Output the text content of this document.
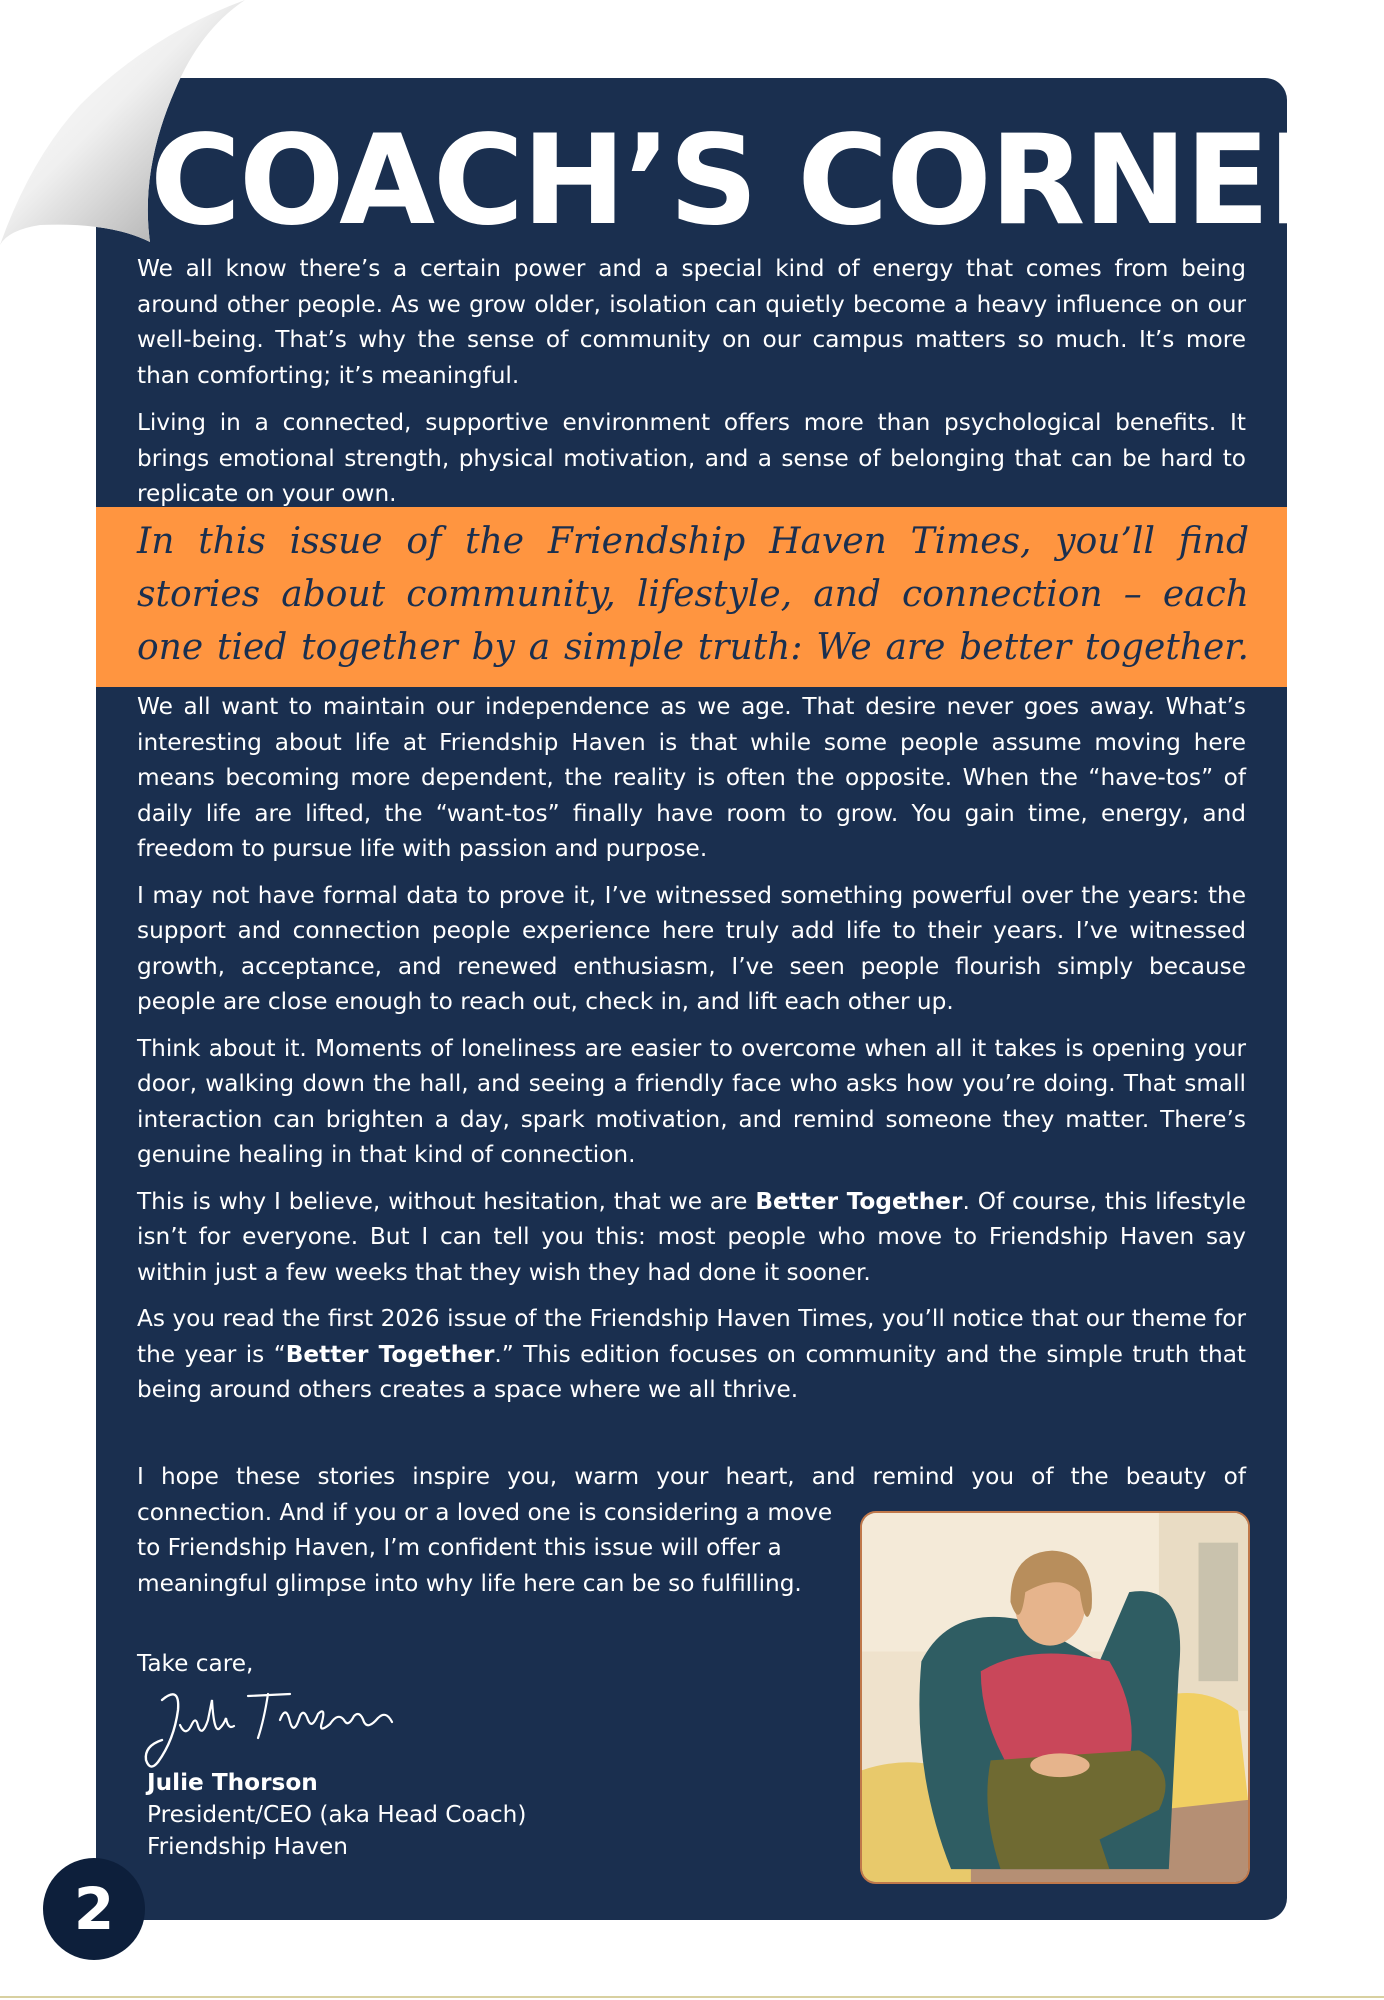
COACH’S CORNER

We all know there’s a certain power and a special kind of energy that comes from being around other people. As we grow older, isolation can quietly become a heavy influence on our well-being. That’s why the sense of community on our campus matters so much. It’s more than comforting; it’s meaningful.

Living in a connected, supportive environment offers more than psychological benefits. It brings emotional strength, physical motivation, and a sense of belonging that can be hard to replicate on your own.

In this issue of the Friendship Haven Times, you’ll find stories about community, lifestyle, and connection – each one tied together by a simple truth: We are better together.

We all want to maintain our independence as we age. That desire never goes away. What’s interesting about life at Friendship Haven is that while some people assume moving here means becoming more dependent, the reality is often the opposite. When the “have-tos” of daily life are lifted, the “want-tos” finally have room to grow. You gain time, energy, and freedom to pursue life with passion and purpose.

I may not have formal data to prove it, I’ve witnessed something powerful over the years: the support and connection people experience here truly add life to their years. I’ve witnessed growth, acceptance, and renewed enthusiasm, I’ve seen people flourish simply because people are close enough to reach out, check in, and lift each other up.

Think about it. Moments of loneliness are easier to overcome when all it takes is opening your door, walking down the hall, and seeing a friendly face who asks how you’re doing. That small interaction can brighten a day, spark motivation, and remind someone they matter. There’s genuine healing in that kind of connection.

This is why I believe, without hesitation, that we are Better Together. Of course, this lifestyle isn’t for everyone. But I can tell you this: most people who move to Friendship Haven say within just a few weeks that they wish they had done it sooner.

As you read the first 2026 issue of the Friendship Haven Times, you’ll notice that our theme for the year is “Better Together.” This edition focuses on community and the simple truth that being around others creates a space where we all thrive.

I hope these stories inspire you, warm your heart, and remind you of the beauty of

connection. And if you or a loved one is considering a move to Friendship Haven, I’m confident this issue will offer a meaningful glimpse into why life here can be so fulfilling.

Take care,
Julie Thorson
President/CEO (aka Head Coach)
Friendship Haven
2
